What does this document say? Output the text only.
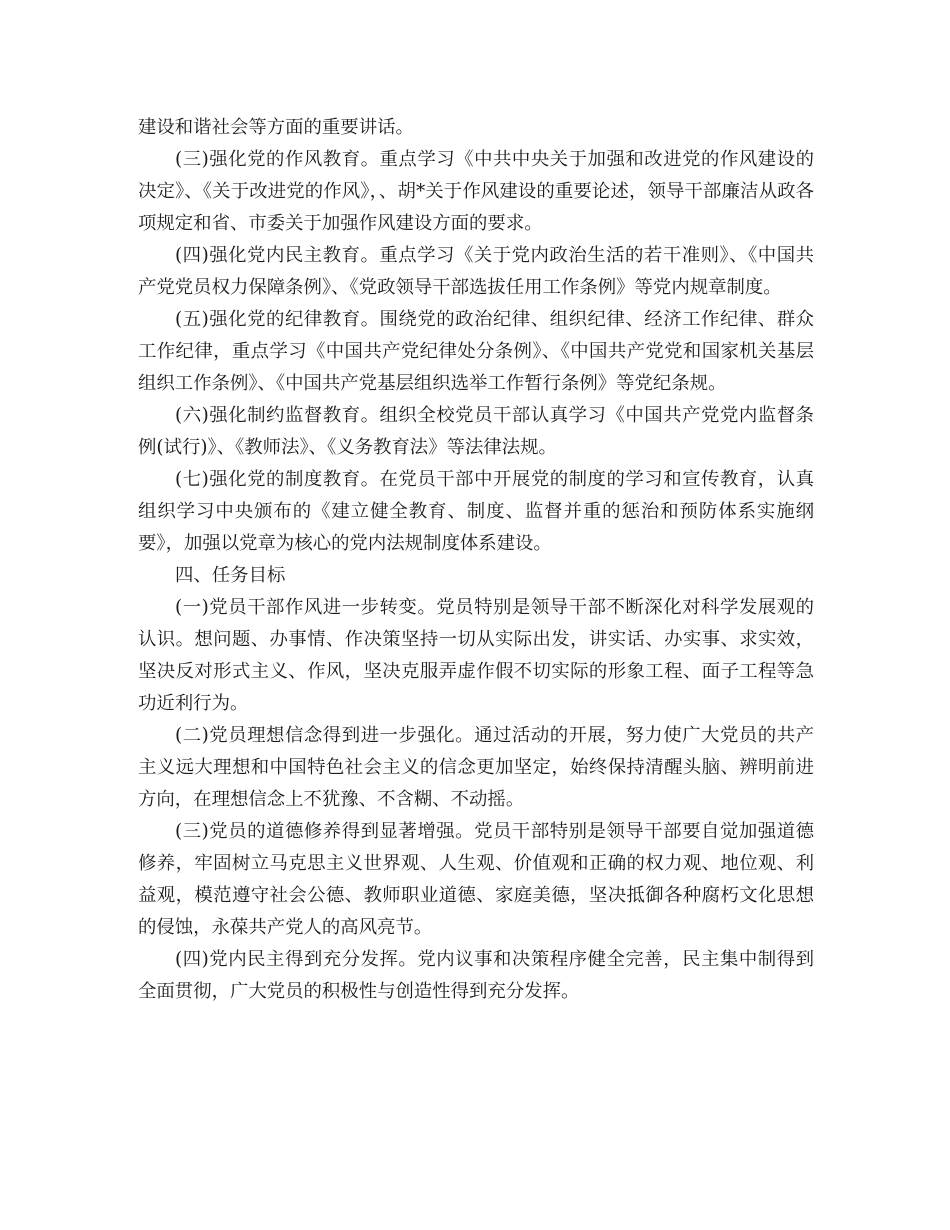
建设和谐社会等方面的重要讲话。

(三)强化党的作风教育。重点学习《中共中央关于加强和改进党的作风建设的决定》、《关于改进党的作风》，、胡*关于作风建设的重要论述，领导干部廉洁从政各项规定和省、市委关于加强作风建设方面的要求。

(四)强化党内民主教育。重点学习《关于党内政治生活的若干准则》、《中国共产党党员权力保障条例》、《党政领导干部选拔任用工作条例》等党内规章制度。

(五)强化党的纪律教育。围绕党的政治纪律、组织纪律、经济工作纪律、群众工作纪律，重点学习《中国共产党纪律处分条例》、《中国共产党党和国家机关基层组织工作条例》、《中国共产党基层组织选举工作暂行条例》等党纪条规。

(六)强化制约监督教育。组织全校党员干部认真学习《中国共产党党内监督条例(试行)》、《教师法》、《义务教育法》等法律法规。

(七)强化党的制度教育。在党员干部中开展党的制度的学习和宣传教育，认真组织学习中央颁布的《建立健全教育、制度、监督并重的惩治和预防体系实施纲要》，加强以党章为核心的党内法规制度体系建设。

四、任务目标

(一)党员干部作风进一步转变。党员特别是领导干部不断深化对科学发展观的认识。想问题、办事情、作决策坚持一切从实际出发，讲实话、办实事、求实效，坚决反对形式主义、作风，坚决克服弄虚作假不切实际的形象工程、面子工程等急功近利行为。

(二)党员理想信念得到进一步强化。通过活动的开展，努力使广大党员的共产主义远大理想和中国特色社会主义的信念更加坚定，始终保持清醒头脑、辨明前进方向，在理想信念上不犹豫、不含糊、不动摇。

(三)党员的道德修养得到显著增强。党员干部特别是领导干部要自觉加强道德修养，牢固树立马克思主义世界观、人生观、价值观和正确的权力观、地位观、利益观，模范遵守社会公德、教师职业道德、家庭美德，坚决抵御各种腐朽文化思想的侵蚀，永葆共产党人的高风亮节。

(四)党内民主得到充分发挥。党内议事和决策程序健全完善，民主集中制得到全面贯彻，广大党员的积极性与创造性得到充分发挥。
